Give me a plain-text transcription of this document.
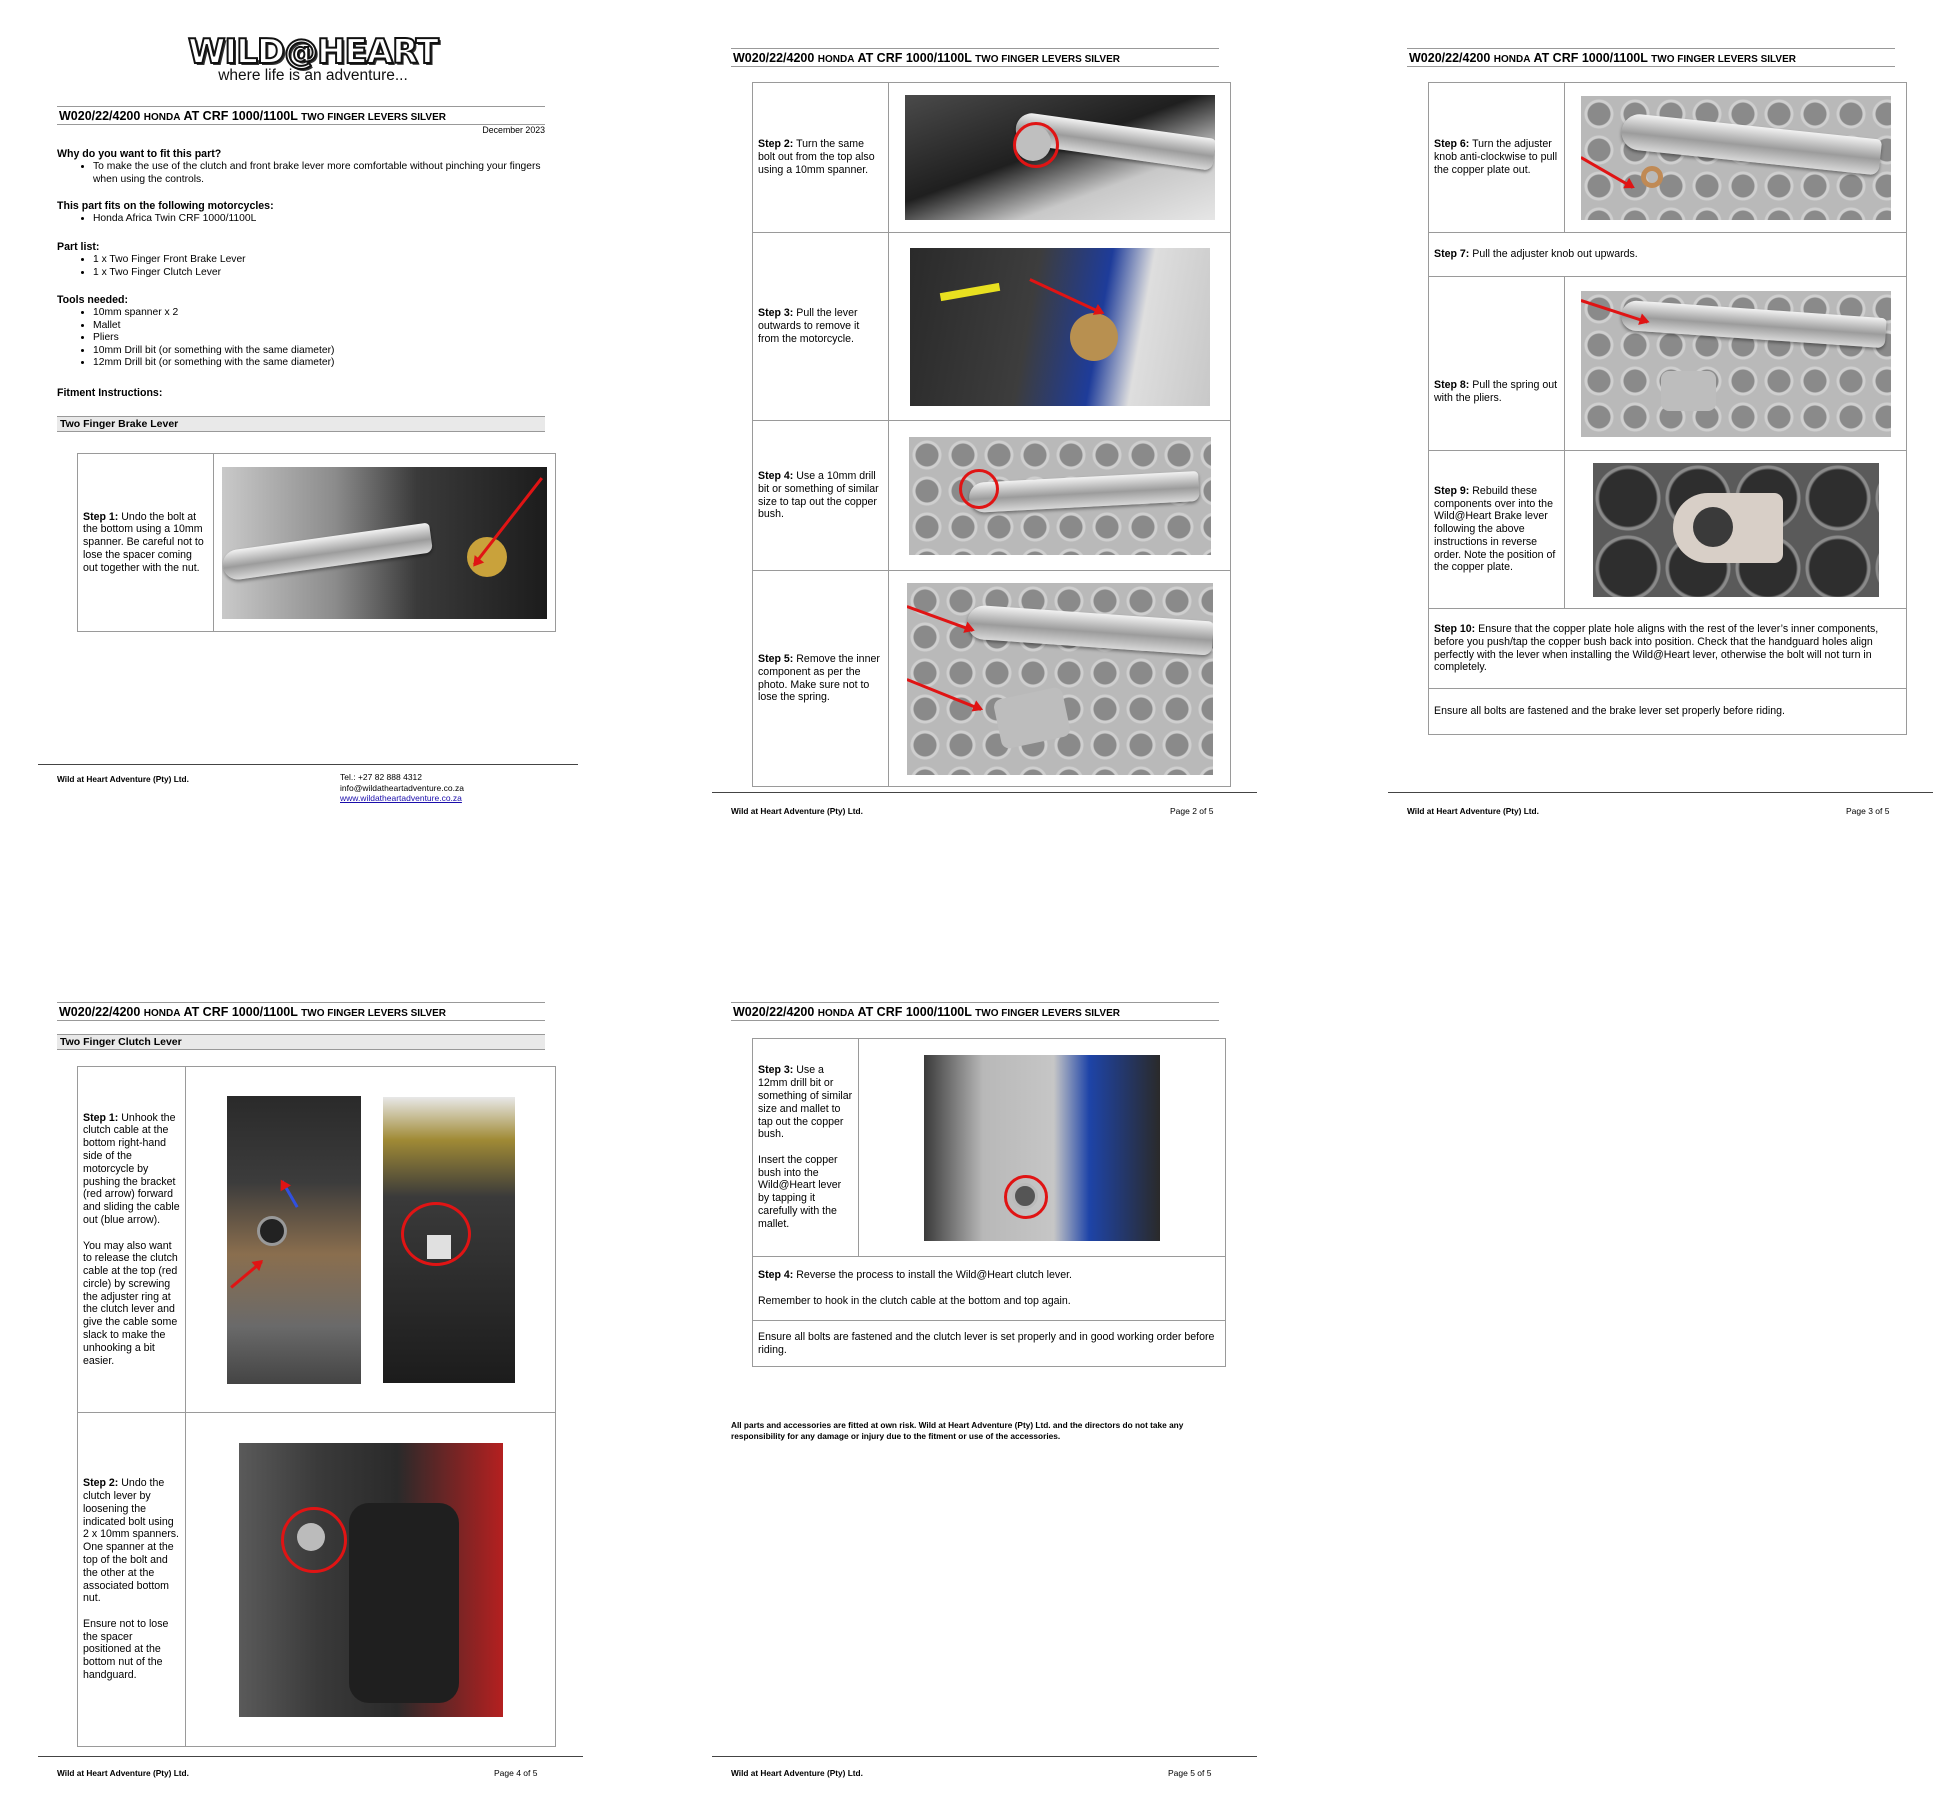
WILD@HEART
where life is an adventure...
W020/22/4200 HONDA AT CRF 1000/1100L TWO FINGER LEVERS SILVER
December 2023
Why do you want to fit this part?
• To make the use of the clutch and front brake lever more comfortable without pinching your fingers when using the controls.
This part fits on the following motorcycles:
• Honda Africa Twin CRF 1000/1100L
Part list:
• 1 x Two Finger Front Brake Lever
• 1 x Two Finger Clutch Lever
Tools needed:
• 10mm spanner x 2
• Mallet
• Pliers
• 10mm Drill bit (or something with the same diameter)
• 12mm Drill bit (or something with the same diameter)
Fitment Instructions:
Two Finger Brake Lever
Step 1: Undo the bolt at the bottom using a 10mm spanner. Be careful not to lose the spacer coming out together with the nut.	
Wild at Heart Adventure (Pty) Ltd.	Tel.: +27 82 888 4312
info@wildatheartadventure.co.za
www.wildatheartadventure.co.za
W020/22/4200 HONDA AT CRF 1000/1100L TWO FINGER LEVERS SILVER
Step 2: Turn the same bolt out from the top also using a 10mm spanner.	

Step 3: Pull the lever outwards to remove it from the motorcycle.	

Step 4: Use a 10mm drill bit or something of similar size to tap out the copper bush.	

Step 5: Remove the inner component as per the photo. Make sure not to lose the spring.	
Wild at Heart Adventure (Pty) Ltd.	Page 2 of 5
W020/22/4200 HONDA AT CRF 1000/1100L TWO FINGER LEVERS SILVER
Step 6: Turn the adjuster knob anti-clockwise to pull the copper plate out.	

Step 7: Pull the adjuster knob out upwards.	
Step 8: Pull the spring out with the pliers.	

Step 9: Rebuild these components over into the Wild@Heart Brake lever following the above instructions in reverse order. Note the position of the copper plate.	

Step 10: Ensure that the copper plate hole aligns with the rest of the lever’s inner components, before you push/tap the copper bush back into position. Check that the handguard holes align perfectly with the lever when installing the Wild@Heart lever, otherwise the bolt will not turn in completely.	
Ensure all bolts are fastened and the brake lever set properly before riding.	
Wild at Heart Adventure (Pty) Ltd.	Page 3 of 5
W020/22/4200 HONDA AT CRF 1000/1100L TWO FINGER LEVERS SILVER
Two Finger Clutch Lever
Step 1: Unhook the clutch cable at the bottom right-hand side of the motorcycle by pushing the bracket (red arrow) forward and sliding the cable out (blue arrow).

You may also want to release the clutch cable at the top (red circle) by screwing the adjuster ring at the clutch lever and give the cable some slack to make the unhooking a bit easier.	

Step 2: Undo the clutch lever by loosening the indicated bolt using 2 x 10mm spanners. One spanner at the top of the bolt and the other at the associated bottom nut.

Ensure not to lose the spacer positioned at the bottom nut of the handguard.	
Wild at Heart Adventure (Pty) Ltd.	Page 4 of 5
W020/22/4200 HONDA AT CRF 1000/1100L TWO FINGER LEVERS SILVER
Step 3: Use a 12mm drill bit or something of similar size and mallet to tap out the copper bush.

Insert the copper bush into the Wild@Heart lever by tapping it carefully with the mallet.	

Step 4: Reverse the process to install the Wild@Heart clutch lever.

Remember to hook in the clutch cable at the bottom and top again.
Ensure all bolts are fastened and the clutch lever is set properly and in good working order before riding.
All parts and accessories are fitted at own risk. Wild at Heart Adventure (Pty) Ltd. and the directors do not take any responsibility for any damage or injury due to the fitment or use of the accessories.
Wild at Heart Adventure (Pty) Ltd.	Page 5 of 5
